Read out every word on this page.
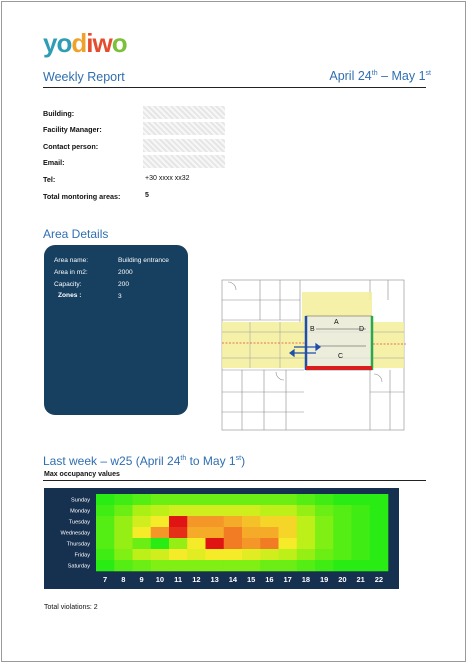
yodiwo
Weekly Report	April 24th – May 1st
Building:
Facility Manager:
Contact person:
Email:
Tel:	+30 xxxx xx32
Total montoring areas:	5
Area Details
Area name:	Building entrance
Area in m2:	2000
Capacity:	200
Zones :	3
A
B
C
D
Last week – w25 (April 24th to May 1st)
Max occupancy values
Sunday
Monday
Tuesday
Wednesday
Thursday
Friday
Saturday
7 8 9 10 11 12 13 14 15 16 17 18 19 20 21 22
Total violations: 2
